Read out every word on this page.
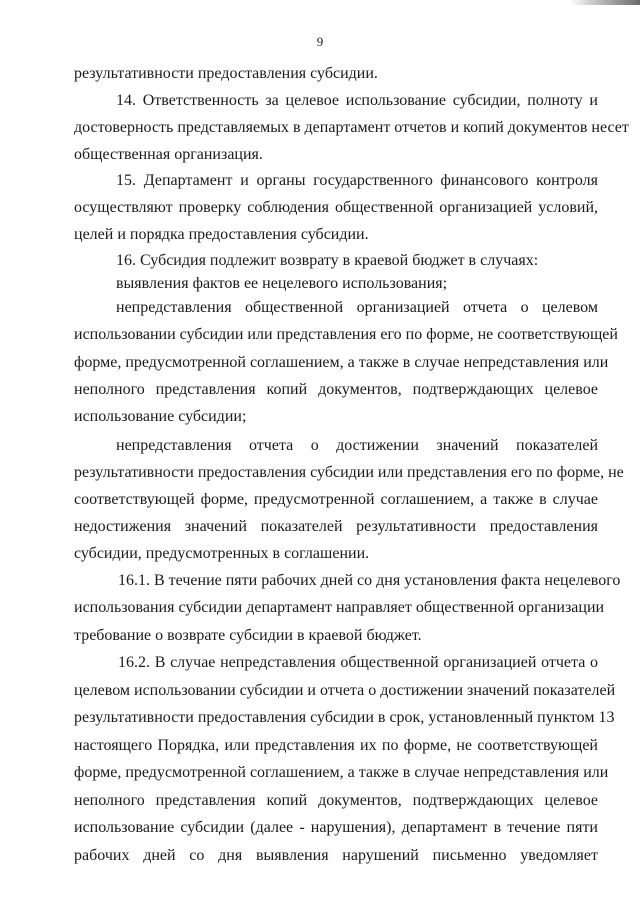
9
результативности предоставления субсидии.
14. Ответственность за целевое использование субсидии, полноту и
достоверность представляемых в департамент отчетов и копий документов несет
общественная организация.
15. Департамент и органы государственного финансового контроля
осуществляют проверку соблюдения общественной организацией условий,
целей и порядка предоставления субсидии.
16. Субсидия подлежит возврату в краевой бюджет в случаях:
выявления фактов ее нецелевого использования;
непредставления общественной организацией отчета о целевом
использовании субсидии или представления его по форме, не соответствующей
форме, предусмотренной соглашением, а также в случае непредставления или
неполного представления копий документов, подтверждающих целевое
использование субсидии;
непредставления отчета о достижении значений показателей
результативности предоставления субсидии или представления его по форме, не
соответствующей форме, предусмотренной соглашением, а также в случае
недостижения значений показателей результативности предоставления
субсидии, предусмотренных в соглашении.
16.1. В течение пяти рабочих дней со дня установления факта нецелевого
использования субсидии департамент направляет общественной организации
требование о возврате субсидии в краевой бюджет.
16.2. В случае непредставления общественной организацией отчета о
целевом использовании субсидии и отчета о достижении значений показателей
результативности предоставления субсидии в срок, установленный пунктом 13
настоящего Порядка, или представления их по форме, не соответствующей
форме, предусмотренной соглашением, а также в случае непредставления или
неполного представления копий документов, подтверждающих целевое
использование субсидии (далее - нарушения), департамент в течение пяти
рабочих дней со дня выявления нарушений письменно уведомляет
